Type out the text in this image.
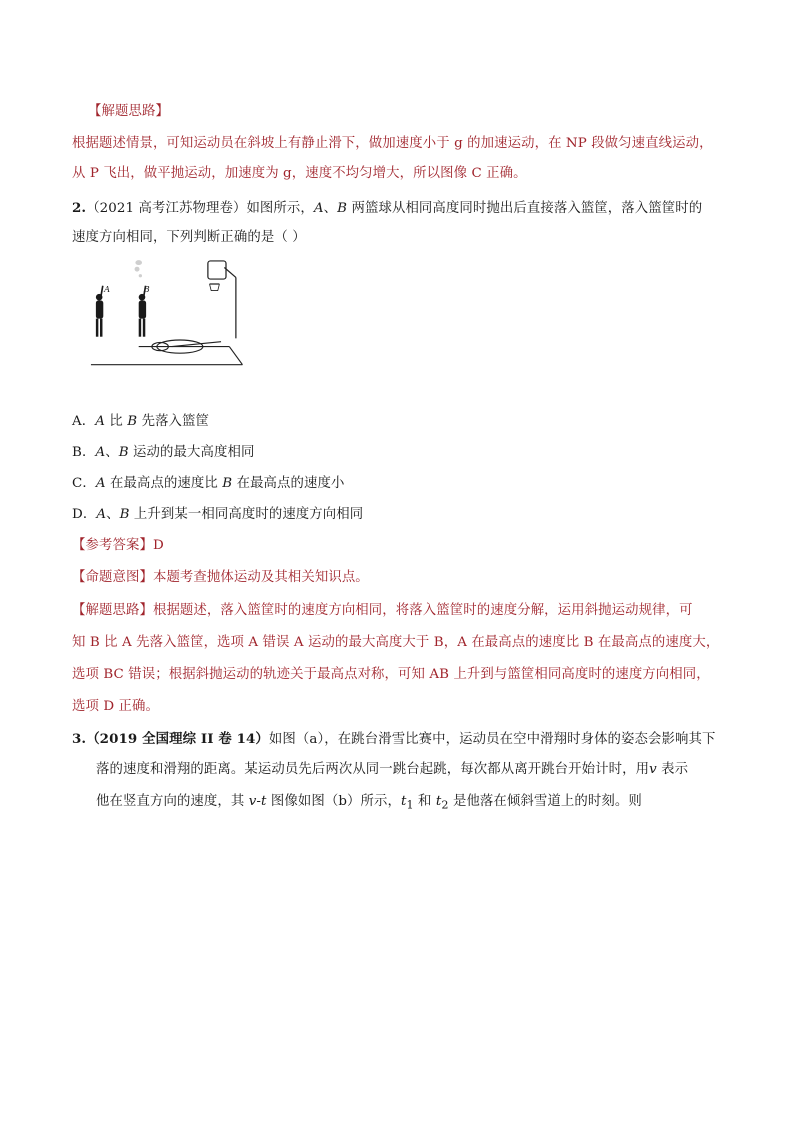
【解题思路】
根据题述情景，可知运动员在斜坡上有静止滑下，做加速度小于 g 的加速运动，在 NP 段做匀速直线运动，
从 P 飞出，做平抛运动，加速度为 g，速度不均匀增大，所以图像 C 正确。
2.（2021 高考江苏物理卷）如图所示，A、B 两篮球从相同高度同时抛出后直接落入篮筐，落入篮筐时的
速度方向相同，下列判断正确的是（ ）
A	B
A．A 比 B 先落入篮筐
B．A、B 运动的最大高度相同
C．A 在最高点的速度比 B 在最高点的速度小
D．A、B 上升到某一相同高度时的速度方向相同
【参考答案】D
【命题意图】本题考查抛体运动及其相关知识点。
【解题思路】根据题述，落入篮筐时的速度方向相同，将落入篮筐时的速度分解，运用斜抛运动规律，可
知 B 比 A 先落入篮筐，选项 A 错误 A 运动的最大高度大于 B，A 在最高点的速度比 B 在最高点的速度大，
选项 BC 错误；根据斜抛运动的轨迹关于最高点对称，可知 AB 上升到与篮筐相同高度时的速度方向相同，
选项 D 正确。
3.（2019 全国理综 II 卷 14）如图（a），在跳台滑雪比赛中，运动员在空中滑翔时身体的姿态会影响其下
落的速度和滑翔的距离。某运动员先后两次从同一跳台起跳，每次都从离开跳台开始计时，用v 表示
他在竖直方向的速度，其 v-t 图像如图（b）所示，$t_1$ 和 $t_2$ 是他落在倾斜雪道上的时刻。则
